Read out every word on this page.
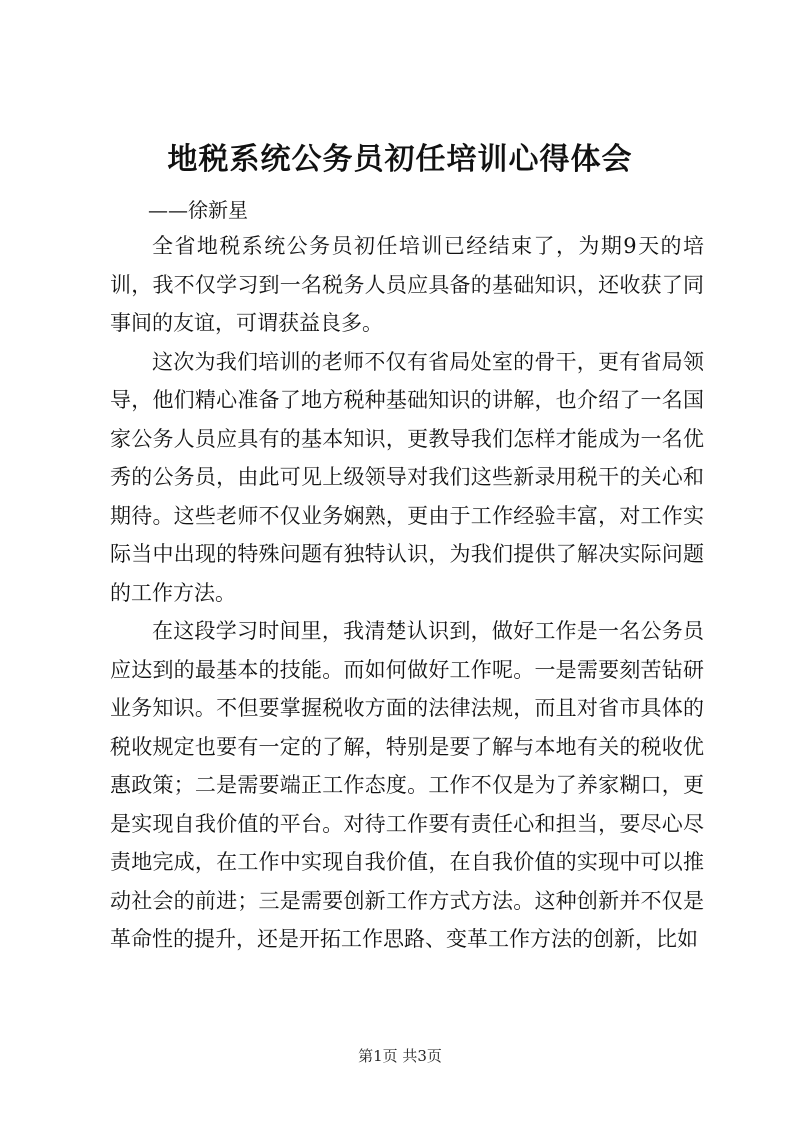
地税系统公务员初任培训心得体会

——徐新星

全省地税系统公务员初任培训已经结束了，为期9天的培训，我不仅学习到一名税务人员应具备的基础知识，还收获了同事间的友谊，可谓获益良多。

这次为我们培训的老师不仅有省局处室的骨干，更有省局领导，他们精心准备了地方税种基础知识的讲解，也介绍了一名国家公务人员应具有的基本知识，更教导我们怎样才能成为一名优秀的公务员，由此可见上级领导对我们这些新录用税干的关心和期待。这些老师不仅业务娴熟，更由于工作经验丰富，对工作实际当中出现的特殊问题有独特认识，为我们提供了解决实际问题的工作方法。

在这段学习时间里，我清楚认识到，做好工作是一名公务员应达到的最基本的技能。而如何做好工作呢。一是需要刻苦钻研业务知识。不但要掌握税收方面的法律法规，而且对省市具体的税收规定也要有一定的了解，特别是要了解与本地有关的税收优惠政策；二是需要端正工作态度。工作不仅是为了养家糊口，更是实现自我价值的平台。对待工作要有责任心和担当，要尽心尽责地完成，在工作中实现自我价值，在自我价值的实现中可以推动社会的前进；三是需要创新工作方式方法。这种创新并不仅是革命性的提升，还是开拓工作思路、变革工作方法的创新，比如

第1页 共3页
